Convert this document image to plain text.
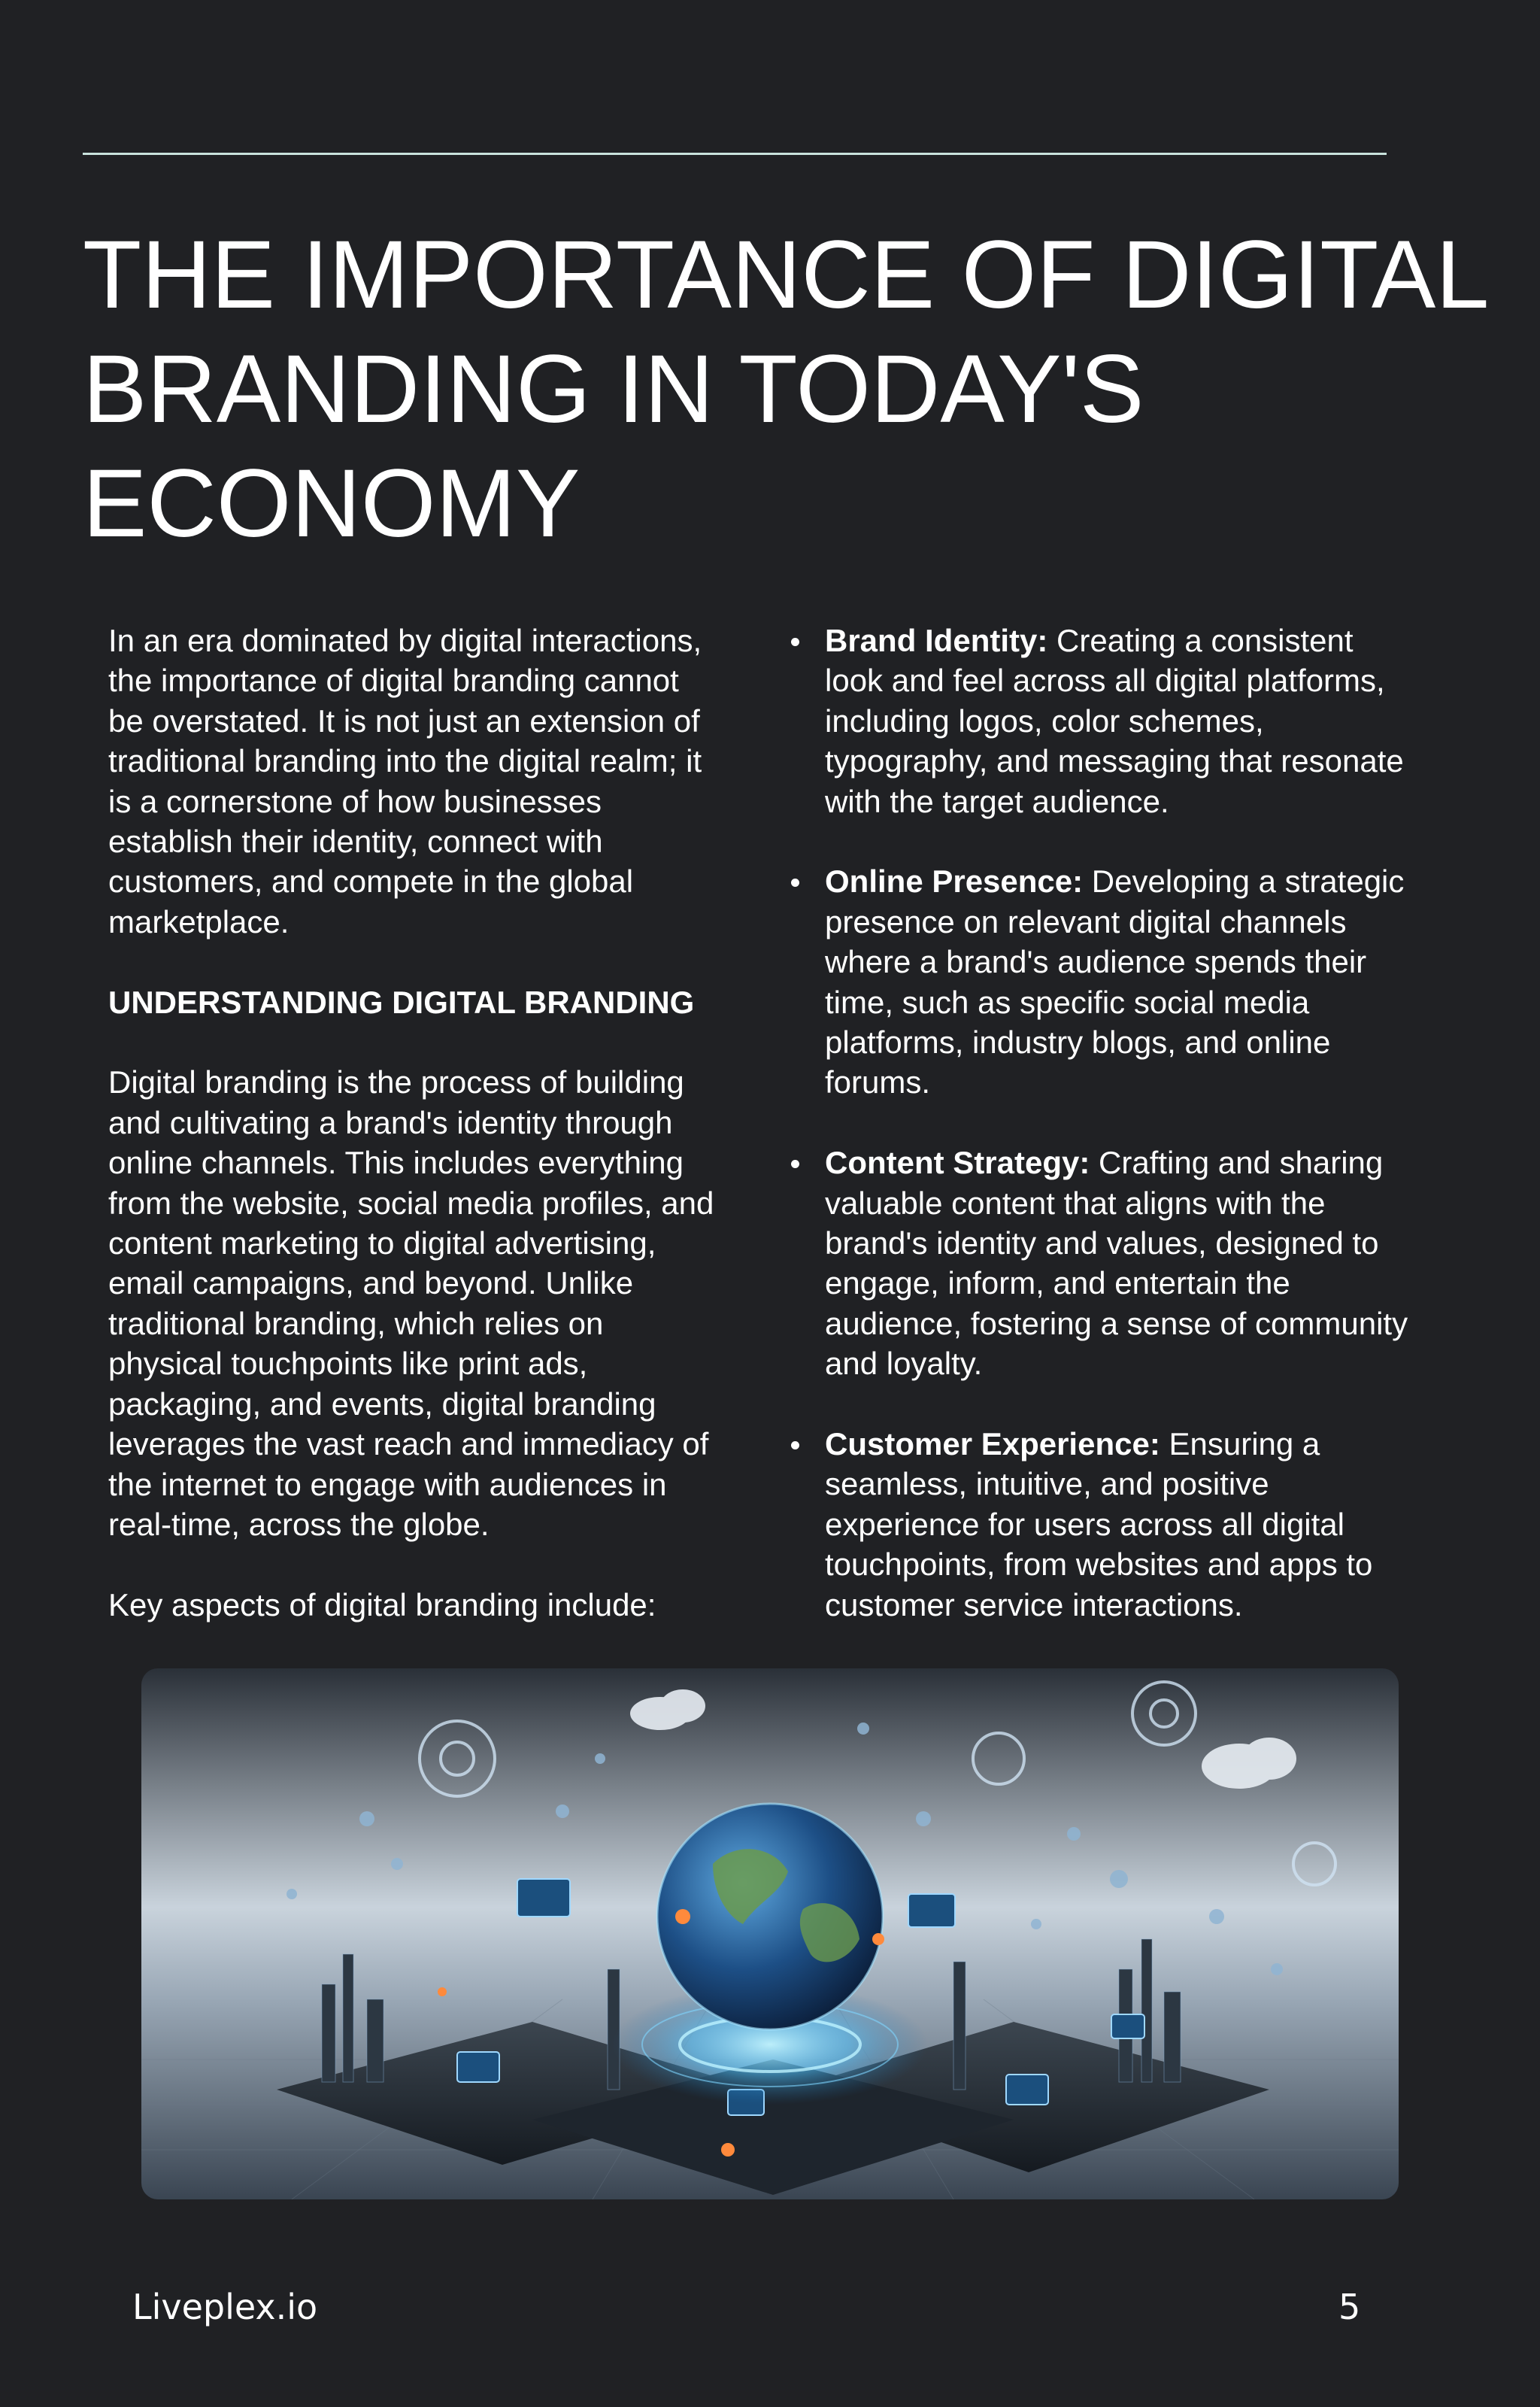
THE IMPORTANCE OF DIGITAL
BRANDING IN TODAY'S
ECONOMY

In an era dominated by digital interactions,
the importance of digital branding cannot
be overstated. It is not just an extension of
traditional branding into the digital realm; it
is a cornerstone of how businesses
establish their identity, connect with
customers, and compete in the global
marketplace.

UNDERSTANDING DIGITAL BRANDING

Digital branding is the process of building
and cultivating a brand's identity through
online channels. This includes everything
from the website, social media profiles, and
content marketing to digital advertising,
email campaigns, and beyond. Unlike
traditional branding, which relies on
physical touchpoints like print ads,
packaging, and events, digital branding
leverages the vast reach and immediacy of
the internet to engage with audiences in
real-time, across the globe.

Key aspects of digital branding include:

Brand Identity: Creating a consistent
look and feel across all digital platforms,
including logos, color schemes,
typography, and messaging that resonate
with the target audience.
Online Presence: Developing a strategic
presence on relevant digital channels
where a brand's audience spends their
time, such as specific social media
platforms, industry blogs, and online
forums.
Content Strategy: Crafting and sharing
valuable content that aligns with the
brand's identity and values, designed to
engage, inform, and entertain the
audience, fostering a sense of community
and loyalty.
Customer Experience: Ensuring a
seamless, intuitive, and positive
experience for users across all digital
touchpoints, from websites and apps to
customer service interactions.
Liveplex.io	5
